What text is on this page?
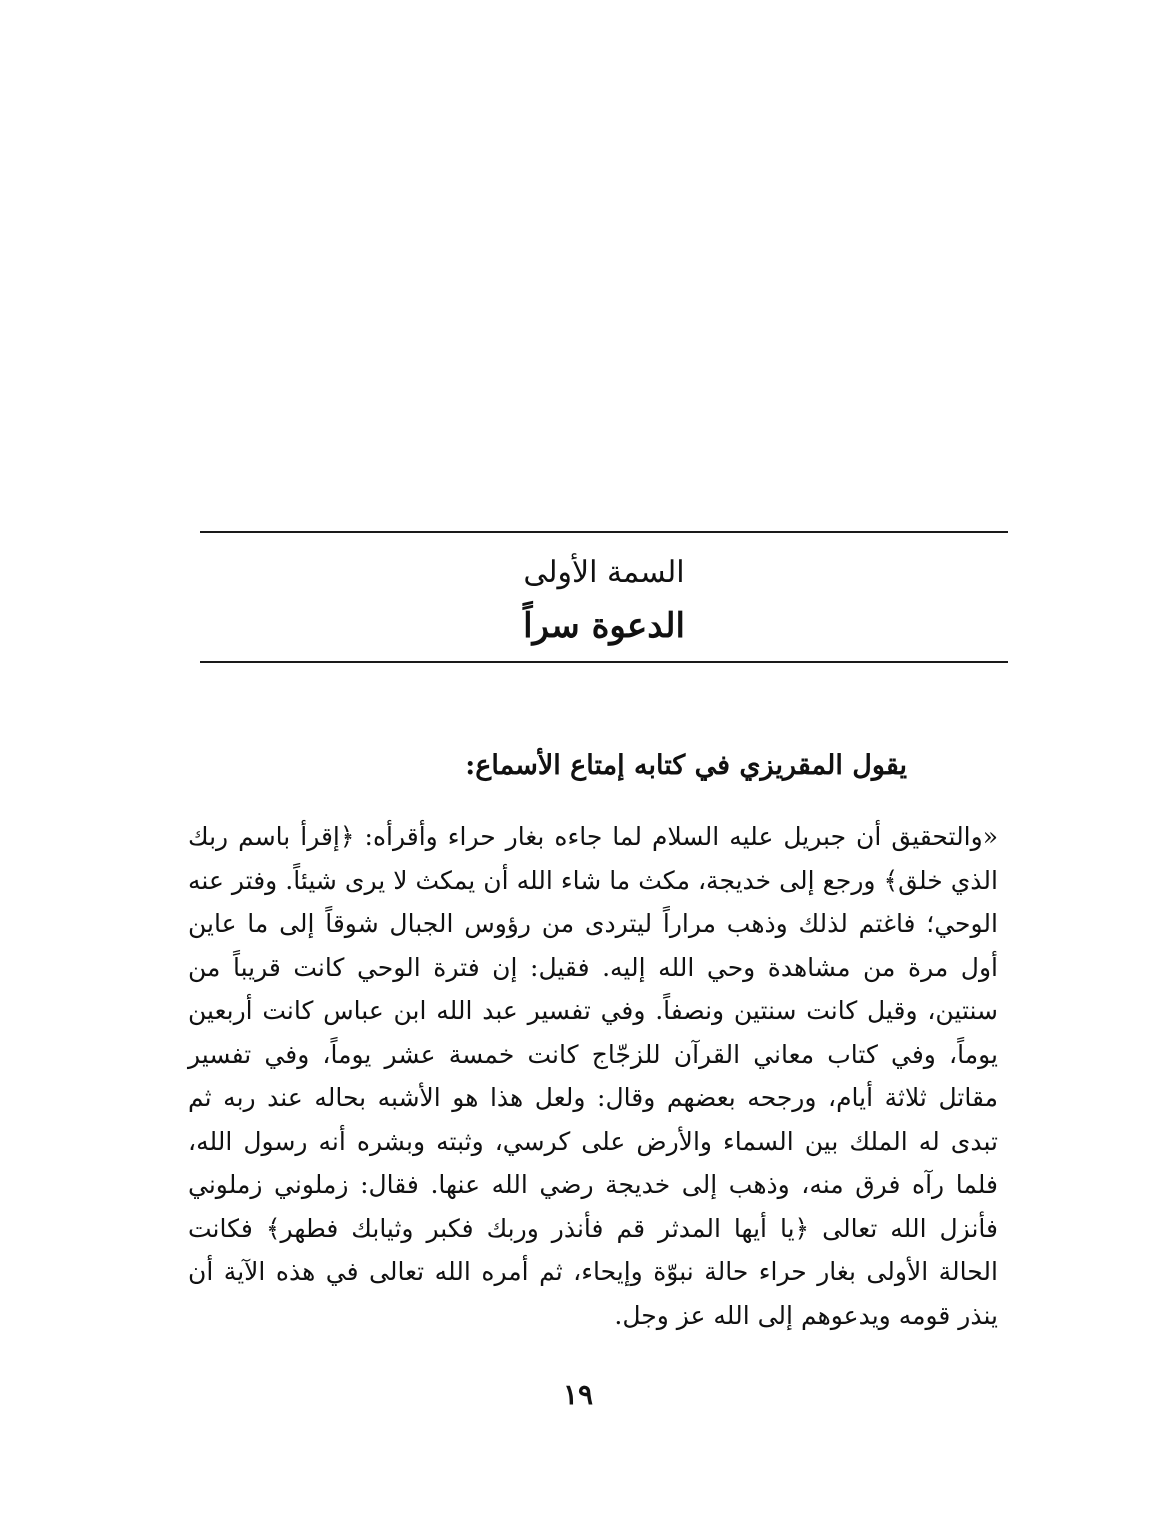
السمة الأولى
الدعوة سراً
يقول المقريزي في كتابه إمتاع الأسماع:
«والتحقيق أن جبريل عليه السلام لما جاءه بغار حراء وأقرأه: ﴿إقرأ باسم ربك الذي خلق﴾ ورجع إلى خديجة، مكث ما شاء الله أن يمكث لا يرى شيئاً. وفتر عنه الوحي؛ فاغتم لذلك وذهب مراراً ليتردى من رؤوس الجبال شوقاً إلى ما عاين أول مرة من مشاهدة وحي الله إليه. فقيل: إن فترة الوحي كانت قريباً من سنتين، وقيل كانت سنتين ونصفاً. وفي تفسير عبد الله ابن عباس كانت أربعين يوماً، وفي كتاب معاني القرآن للزجّاج كانت خمسة عشر يوماً، وفي تفسير مقاتل ثلاثة أيام، ورجحه بعضهم وقال: ولعل هذا هو الأشبه بحاله عند ربه ثم تبدى له الملك بين السماء والأرض على كرسي، وثبته وبشره أنه رسول الله، فلما رآه فرق منه، وذهب إلى خديجة رضي الله عنها. فقال: زملوني زملوني فأنزل الله تعالى ﴿يا أيها المدثر قم فأنذر وربك فكبر وثيابك فطهر﴾ فكانت الحالة الأولى بغار حراء حالة نبوّة وإيحاء، ثم أمره الله تعالى في هذه الآية أن ينذر قومه ويدعوهم إلى الله عز وجل.
١٩
